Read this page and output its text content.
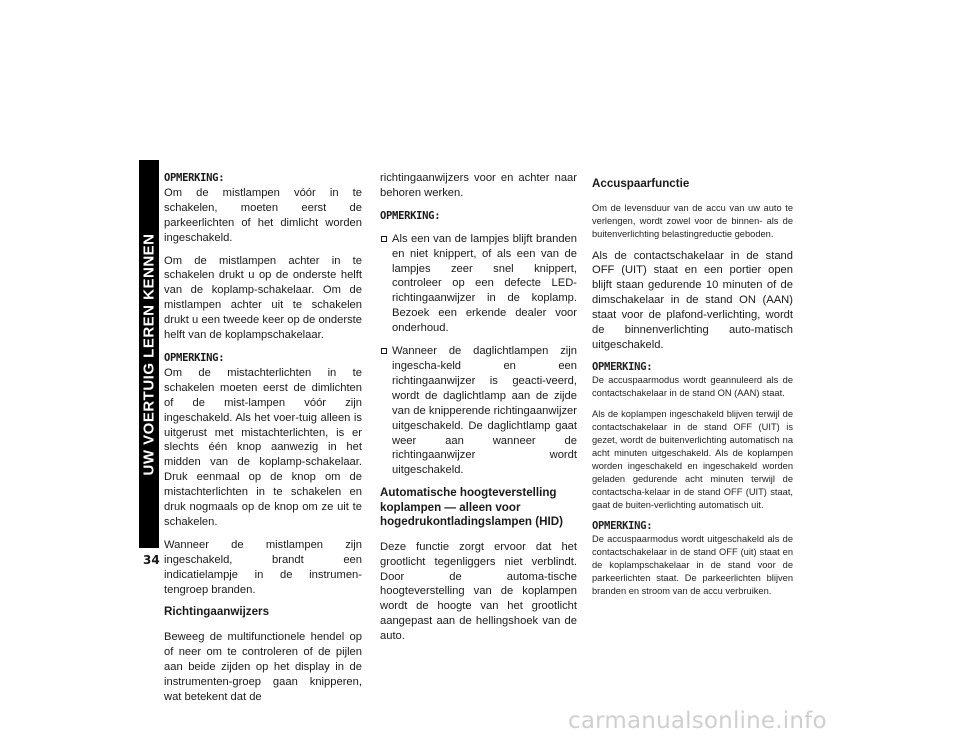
UW VOERTUIG LEREN KENNEN
34

OPMERKING:
Om de mistlampen vóór in te schakelen, moeten eerst de parkeerlichten of het dimlicht worden ingeschakeld.

Om de mistlampen achter in te schakelen drukt u op de onderste helft van de koplamp-schakelaar. Om de mistlampen achter uit te schakelen drukt u een tweede keer op de onderste helft van de koplampschakelaar.

OPMERKING:
Om de mistachterlichten in te schakelen moeten eerst de dimlichten of de mist-lampen vóór zijn ingeschakeld. Als het voer-tuig alleen is uitgerust met mistachterlichten, is er slechts één knop aanwezig in het midden van de koplamp-schakelaar. Druk eenmaal op de knop om de mistachterlichten in te schakelen en druk nogmaals op de knop om ze uit te schakelen.

Wanneer de mistlampen zijn ingeschakeld, brandt een indicatielampje in de instrumen-tengroep branden.

Richtingaanwijzers

Beweeg de multifunctionele hendel op of neer om te controleren of de pijlen aan beide zijden op het display in de instrumenten-groep gaan knipperen, wat betekent dat de

richtingaanwijzers voor en achter naar behoren werken.

OPMERKING:

Als een van de lampjes blijft branden en niet knippert, of als een van de lampjes zeer snel knippert, controleer op een defecte LED-richtingaanwijzer in de koplamp. Bezoek een erkende dealer voor onderhoud.
Wanneer de daglichtlampen zijn ingescha-keld en een richtingaanwijzer is geacti-veerd, wordt de daglichtlamp aan de zijde van de knipperende richtingaanwijzer uitgeschakeld. De daglichtlamp gaat weer aan wanneer de richtingaanwijzer wordt uitgeschakeld.
Automatische hoogteverstelling koplampen — alleen voor hogedrukontladingslampen (HID)

Deze functie zorgt ervoor dat het grootlicht tegenliggers niet verblindt. Door de automa-tische hoogteverstelling van de koplampen wordt de hoogte van het grootlicht aangepast aan de hellingshoek van de auto.

Accuspaarfunctie

Om de levensduur van de accu van uw auto te verlengen, wordt zowel voor de binnen- als de buitenverlichting belastingreductie geboden.

Als de contactschakelaar in de stand OFF (UIT) staat en een portier open blijft staan gedurende 10 minuten of de dimschakelaar in de stand ON (AAN) staat voor de plafond-verlichting, wordt de binnenverlichting auto-matisch uitgeschakeld.

OPMERKING:
De accuspaarmodus wordt geannuleerd als de contactschakelaar in de stand ON (AAN) staat.

Als de koplampen ingeschakeld blijven terwijl de contactschakelaar in de stand OFF (UIT) is gezet, wordt de buitenverlichting automatisch na acht minuten uitgeschakeld. Als de koplampen worden ingeschakeld en ingeschakeld worden geladen gedurende acht minuten terwijl de contactscha-kelaar in de stand OFF (UIT) staat, gaat de buiten-verlichting automatisch uit.

OPMERKING:
De accuspaarmodus wordt uitgeschakeld als de contactschakelaar in de stand OFF (uit) staat en de koplampschakelaar in de stand voor de parkeerlichten staat. De parkeerlichten blijven branden en stroom van de accu verbruiken.

carmanualsonline.info
